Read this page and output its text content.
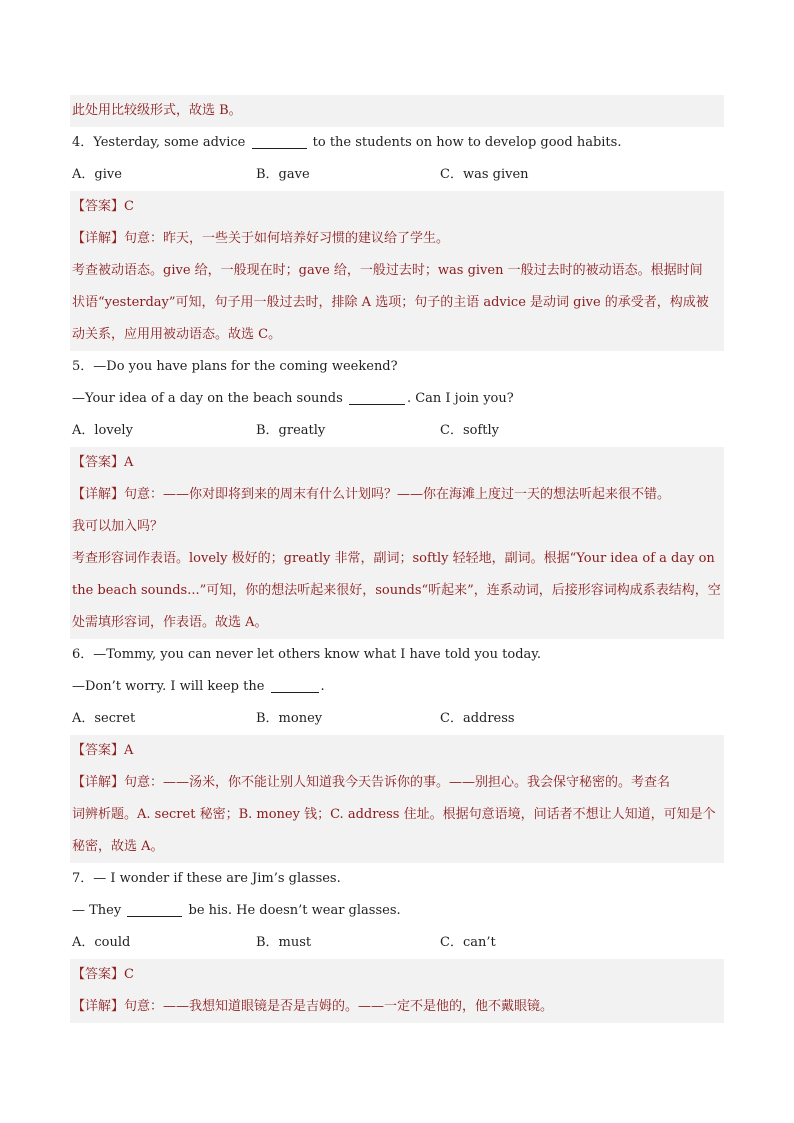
此处用比较级形式，故选 B。
4．Yesterday, some advice	to the students on how to develop good habits.
A．give	B．gave	C．was given
【答案】C
【详解】句意：昨天，一些关于如何培养好习惯的建议给了学生。
考查被动语态。give 给，一般现在时；gave 给，一般过去时；was given 一般过去时的被动语态。根据时间
状语“yesterday”可知，句子用一般过去时，排除 A 选项；句子的主语 advice 是动词 give 的承受者，构成被
动关系，应用用被动语态。故选 C。
5．—Do you have plans for the coming weekend?
—Your idea of a day on the beach sounds	. Can I join you?
A．lovely	B．greatly	C．softly
【答案】A
【详解】句意：——你对即将到来的周末有什么计划吗？——你在海滩上度过一天的想法听起来很不错。
我可以加入吗？
考查形容词作表语。lovely 极好的；greatly 非常，副词；softly 轻轻地，副词。根据“Your idea of a day on
the beach sounds...”可知，你的想法听起来很好，sounds“听起来”，连系动词，后接形容词构成系表结构，空
处需填形容词，作表语。故选 A。
6．—Tommy, you can never let others know what I have told you today.
—Don’t worry. I will keep the	.
A．secret	B．money	C．address
【答案】A
【详解】句意：——汤米，你不能让别人知道我今天告诉你的事。——别担心。我会保守秘密的。考查名
词辨析题。A. secret 秘密；B. money 钱；C. address 住址。根据句意语境，问话者不想让人知道，可知是个
秘密，故选 A。
7．— I wonder if these are Jim’s glasses.
— They	be his. He doesn’t wear glasses.
A．could	B．must	C．can’t
【答案】C
【详解】句意：——我想知道眼镜是否是吉姆的。——一定不是他的，他不戴眼镜。
